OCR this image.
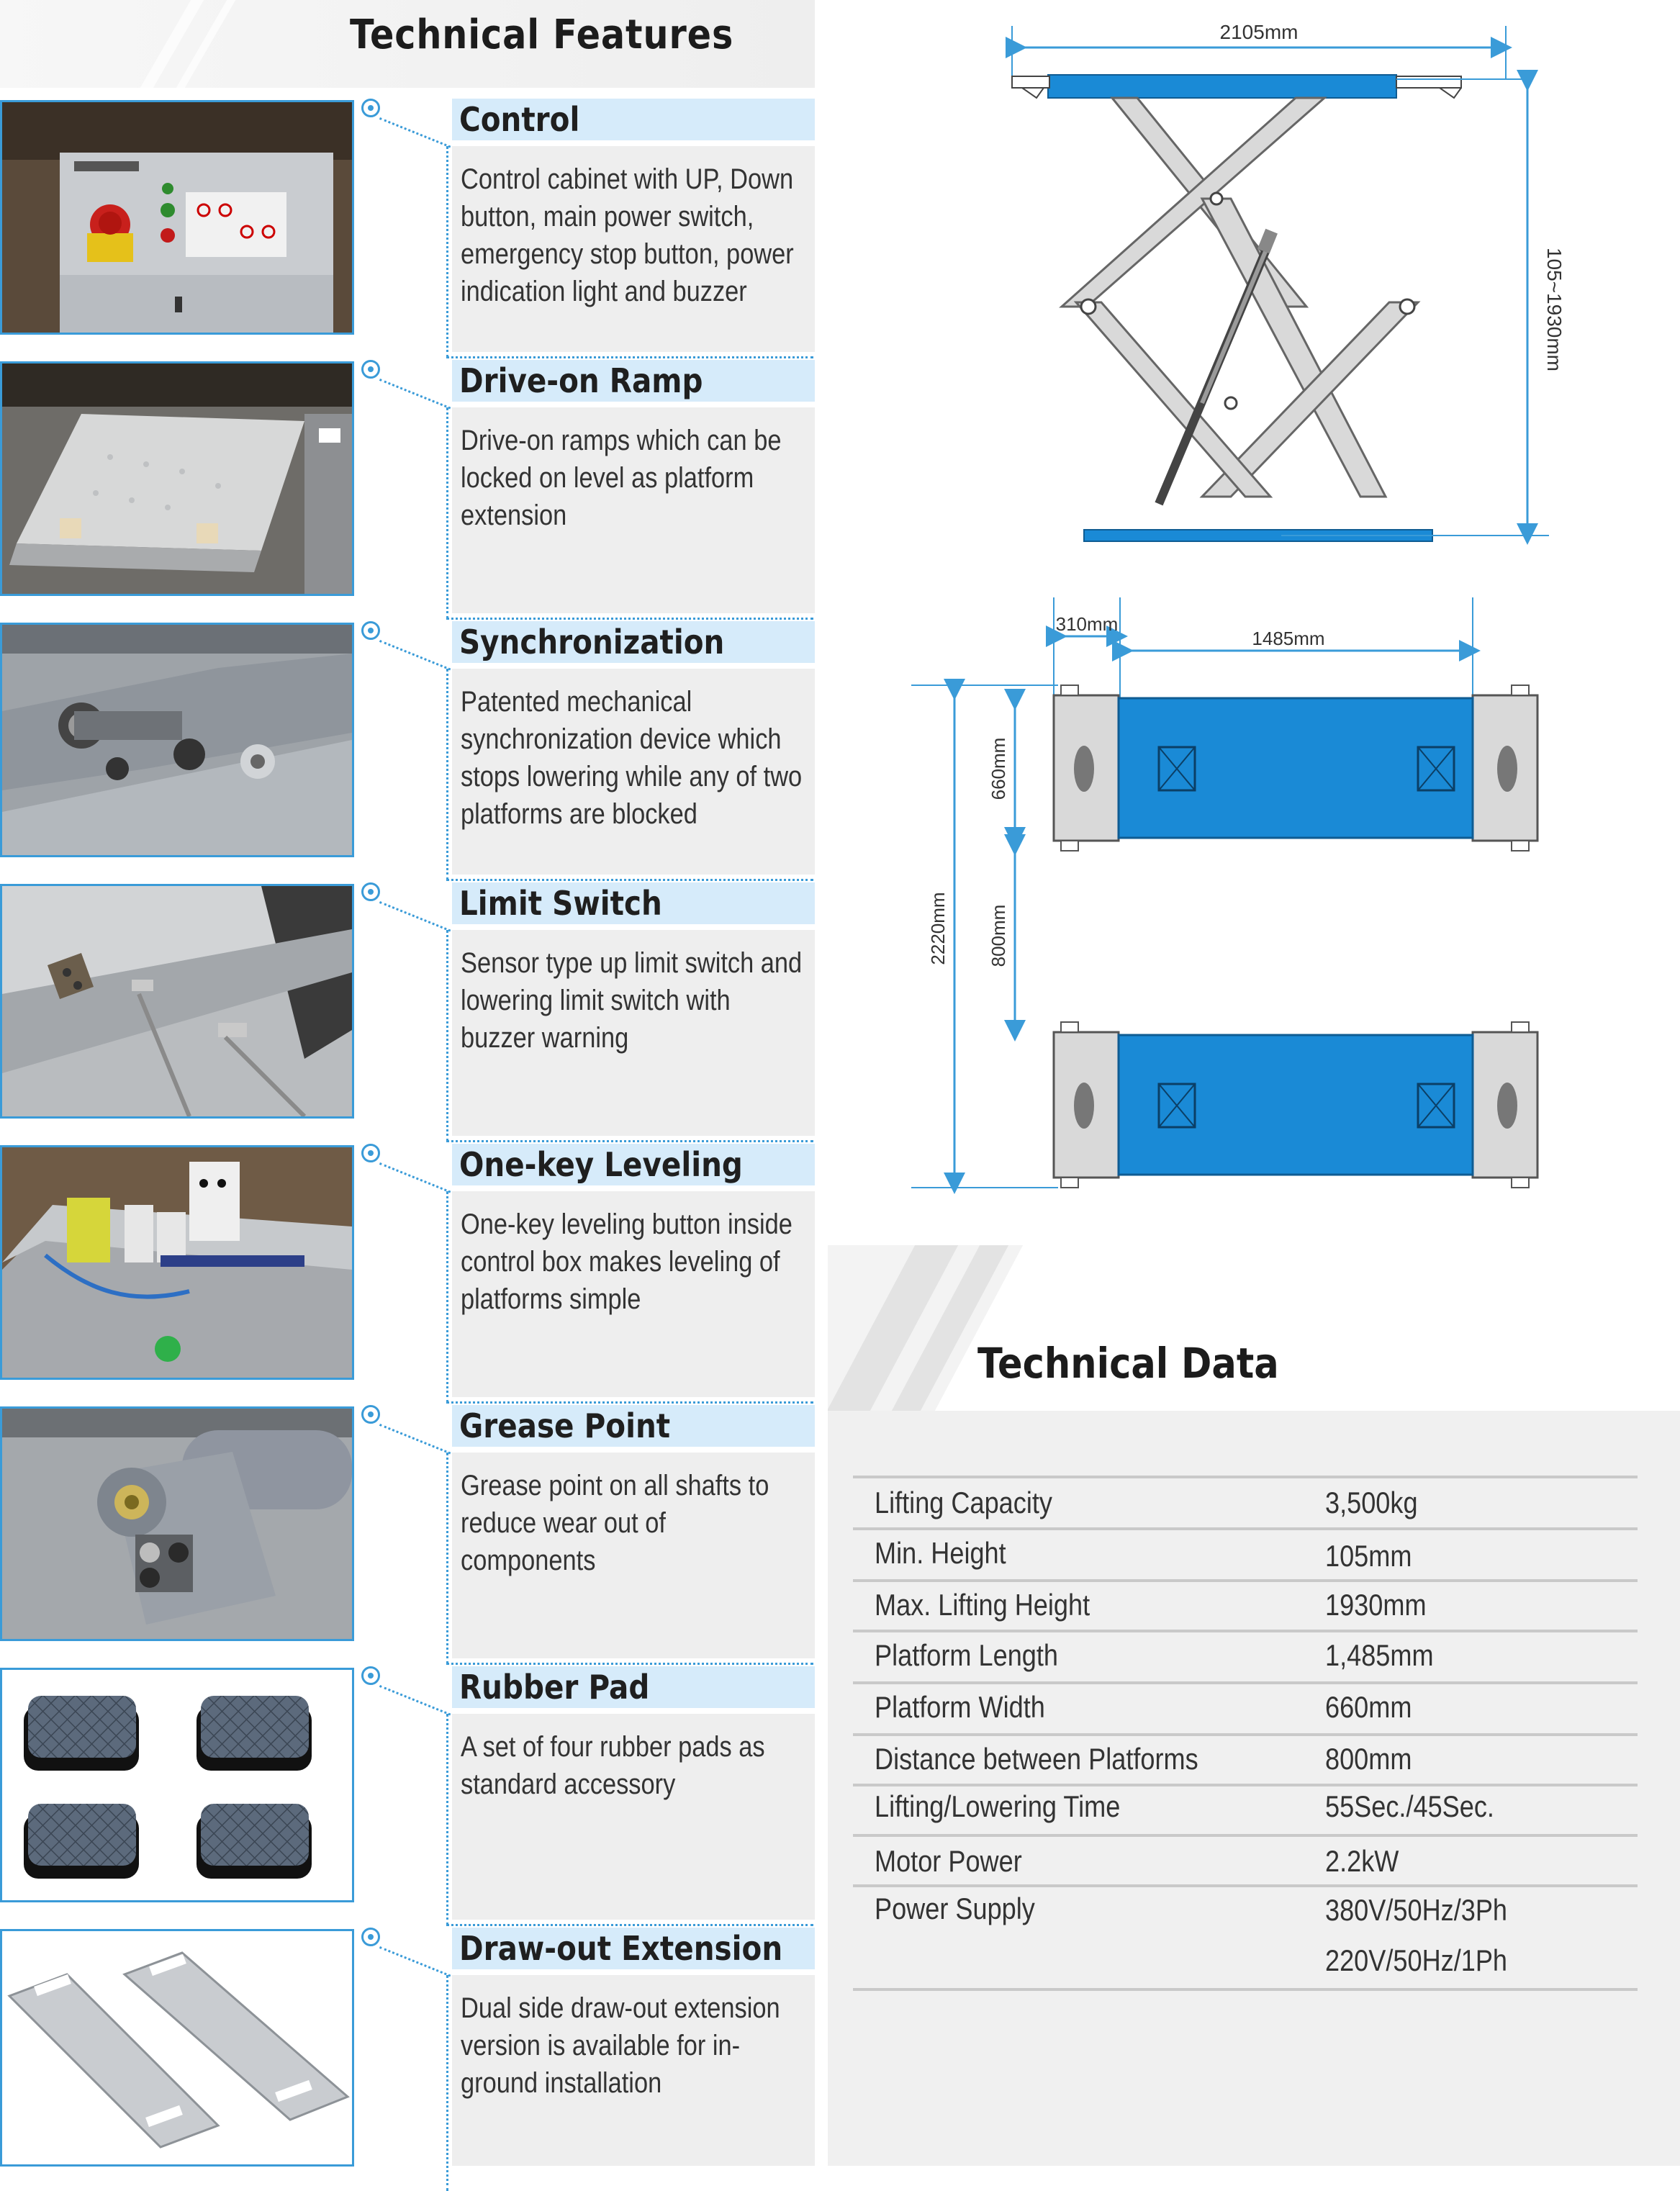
Technical Features
Control
Control cabinet with UP, Down button, main power switch, emergency stop button, power indication light and buzzer
Drive-on Ramp
Drive-on ramps which can be locked on level as platform extension
Synchronization
Patented mechanical synchronization device which stops lowering while any of two platforms are blocked
Limit Switch
Sensor type up limit switch and lowering limit switch with buzzer warning
One-key Leveling
One-key leveling button inside control box makes leveling of platforms simple
Grease Point
Grease point on all shafts to reduce wear out of components
Rubber Pad
A set of four rubber pads as standard accessory
Draw-out Extension
Dual side draw-out extension version is available for in-ground installation
2105mm
105~1930mm
310mm
1485mm
2220mm
660mm
800mm
Technical Data
Lifting Capacity	3,500kg
Min. Height	105mm
Max. Lifting Height	1930mm
Platform Length	1,485mm
Platform Width	660mm
Distance between Platforms	800mm
Lifting/Lowering Time	55Sec./45Sec.
Motor Power	2.2kW
Power Supply	380V/50Hz/3Ph
220V/50Hz/1Ph
